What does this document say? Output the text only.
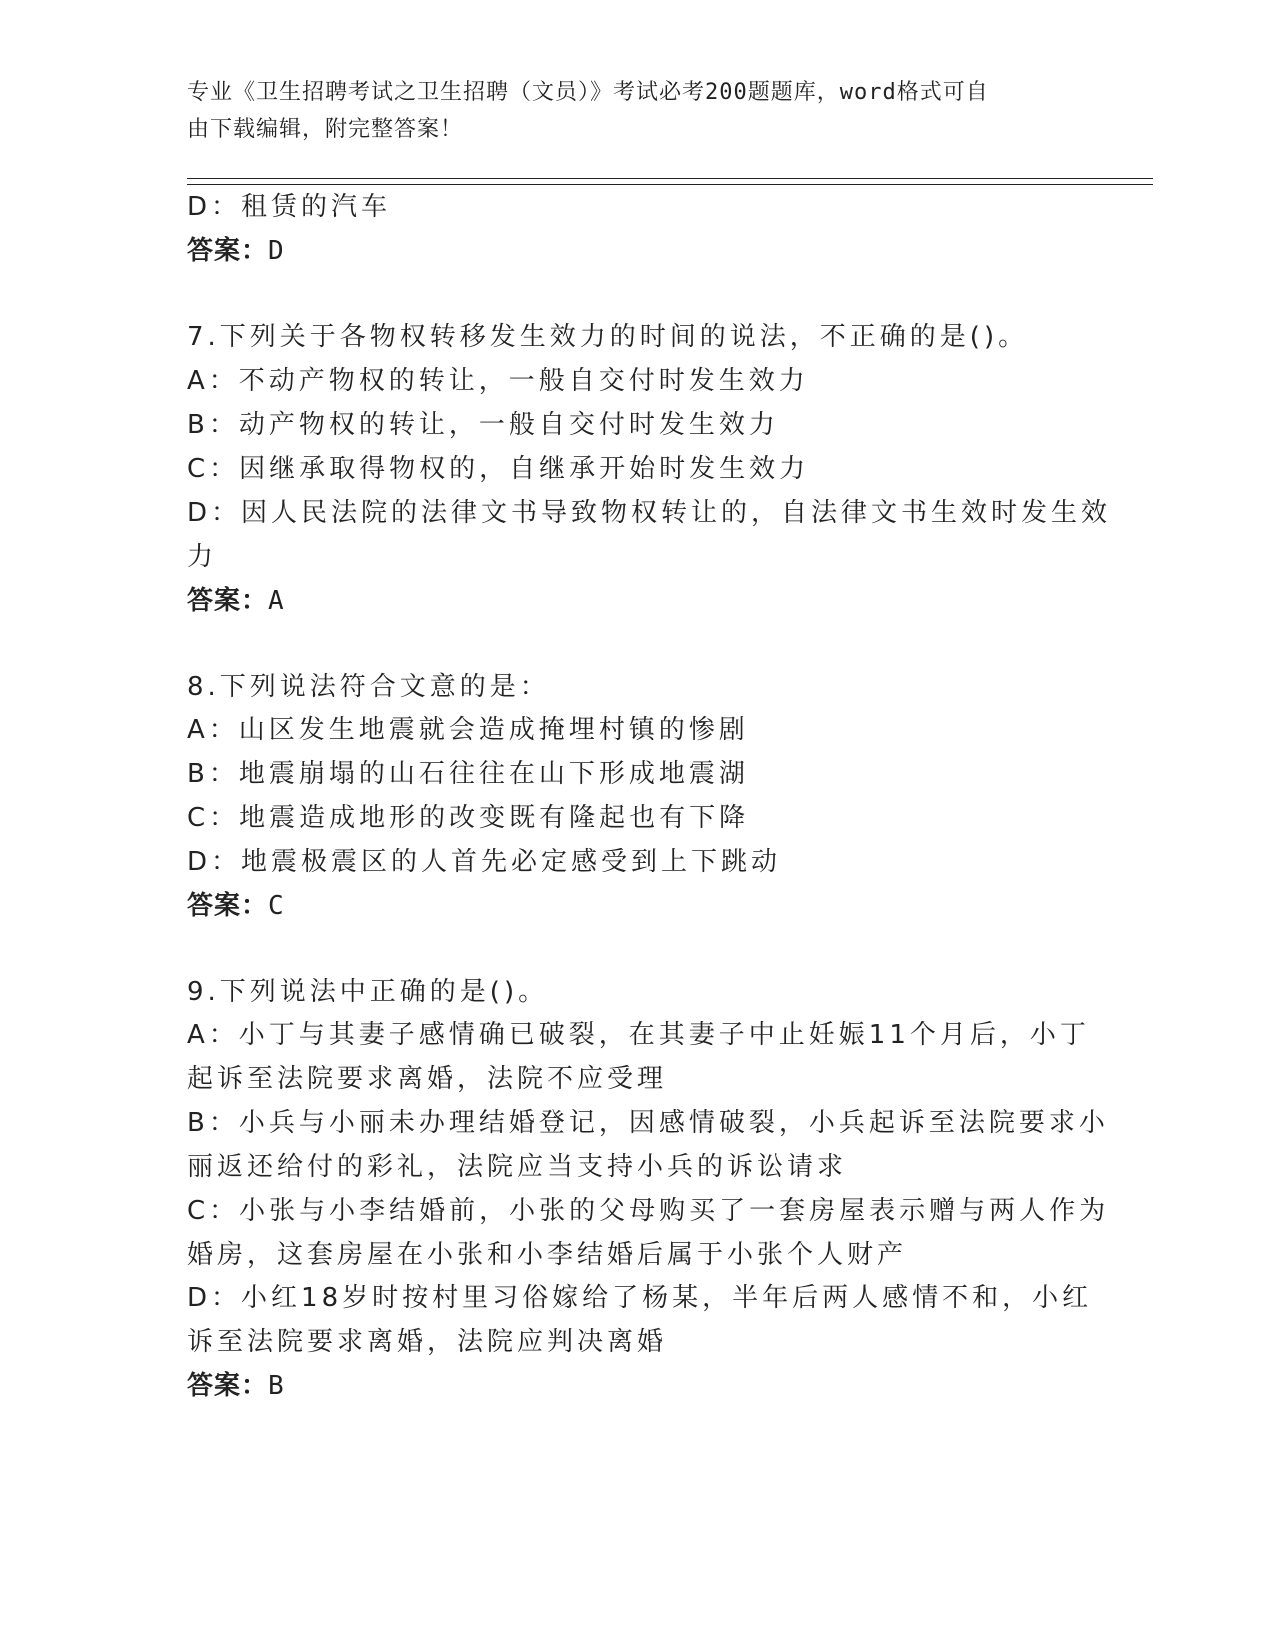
专业《卫生招聘考试之卫生招聘（文员）》考试必考200题题库，word格式可自
由下载编辑，附完整答案！
D：租赁的汽车
答案：D
7.下列关于各物权转移发生效力的时间的说法，不正确的是()。
A：不动产物权的转让，一般自交付时发生效力
B：动产物权的转让，一般自交付时发生效力
C：因继承取得物权的，自继承开始时发生效力
D：因人民法院的法律文书导致物权转让的，自法律文书生效时发生效
力
答案：A
8.下列说法符合文意的是：
A：山区发生地震就会造成掩埋村镇的惨剧
B：地震崩塌的山石往往在山下形成地震湖
C：地震造成地形的改变既有隆起也有下降
D：地震极震区的人首先必定感受到上下跳动
答案：C
9.下列说法中正确的是()。
A：小丁与其妻子感情确已破裂，在其妻子中止妊娠11个月后，小丁
起诉至法院要求离婚，法院不应受理
B：小兵与小丽未办理结婚登记，因感情破裂，小兵起诉至法院要求小
丽返还给付的彩礼，法院应当支持小兵的诉讼请求
C：小张与小李结婚前，小张的父母购买了一套房屋表示赠与两人作为
婚房，这套房屋在小张和小李结婚后属于小张个人财产
D：小红18岁时按村里习俗嫁给了杨某，半年后两人感情不和，小红
诉至法院要求离婚，法院应判决离婚
答案：B
